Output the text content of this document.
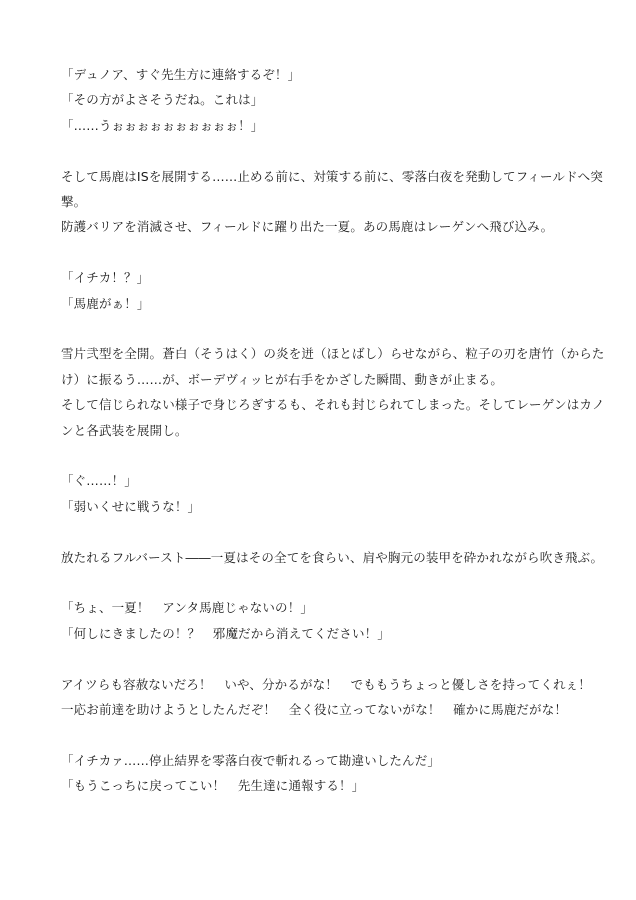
「デュノア、すぐ先生方に連絡するぞ！」
「その方がよさそうだね。これは」
「……うぉぉぉぉぉぉぉぉぉぉ！」
そして馬鹿はISを展開する……止める前に、対策する前に、零落白夜を発動してフィールドへ突
撃。
防護バリアを消滅させ、フィールドに躍り出た一夏。あの馬鹿はレーゲンへ飛び込み。
「イチカ！？」
「馬鹿がぁ！」
雪片弐型を全開。蒼白（そうはく）の炎を迸（ほとばし）らせながら、粒子の刃を唐竹（からた
け）に振るう……が、ボーデヴィッヒが右手をかざした瞬間、動きが止まる。
そして信じられない様子で身じろぎするも、それも封じられてしまった。そしてレーゲンはカノ
ンと各武装を展開し。
「ぐ……！」
「弱いくせに戦うな！」
放たれるフルバースト――一夏はその全てを食らい、肩や胸元の装甲を砕かれながら吹き飛ぶ。
「ちょ、一夏！　アンタ馬鹿じゃないの！」
「何しにきましたの！？　邪魔だから消えてください！」
アイツらも容赦ないだろ！　いや、分かるがな！　でももうちょっと優しさを持ってくれぇ！
一応お前達を助けようとしたんだぞ！　全く役に立ってないがな！　確かに馬鹿だがな！
「イチカァ……停止結界を零落白夜で斬れるって勘違いしたんだ」
「もうこっちに戻ってこい！　先生達に通報する！」
